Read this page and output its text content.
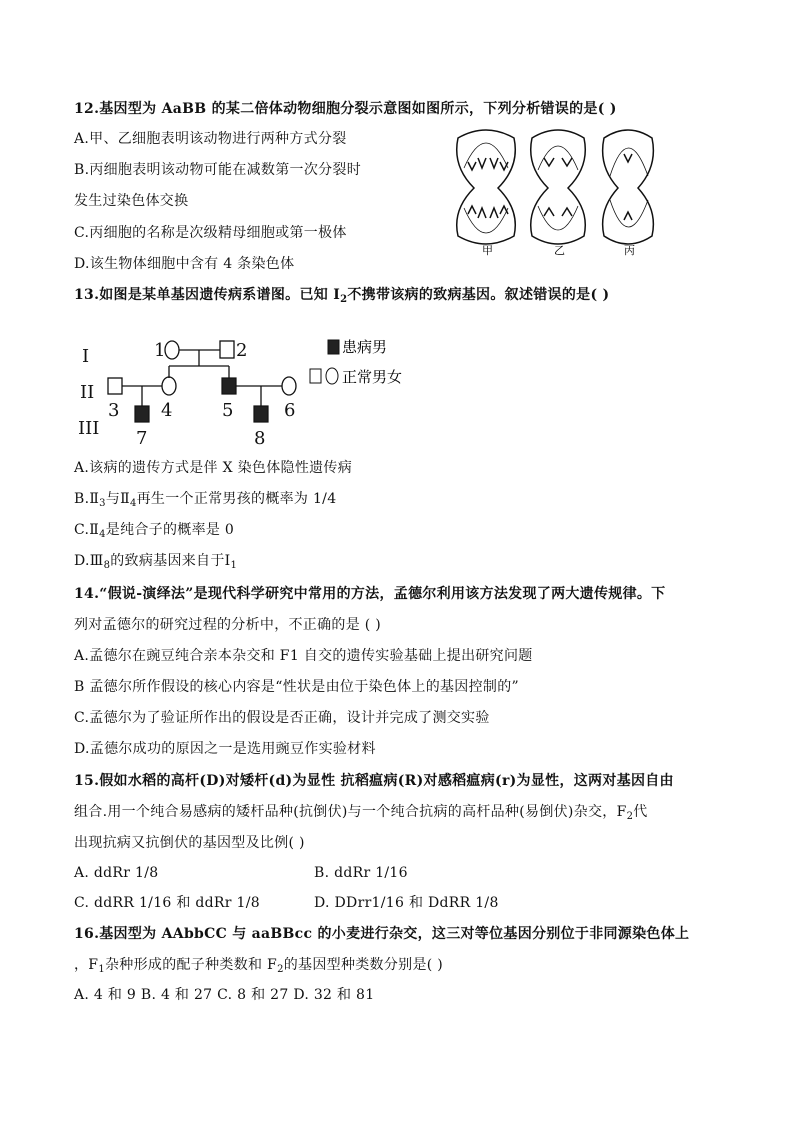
12.基因型为 AaBB 的某二倍体动物细胞分裂示意图如图所示，下列分析错误的是( )
A.甲、乙细胞表明该动物进行两种方式分裂
B.丙细胞表明该动物可能在减数第一次分裂时
发生过染色体交换
C.丙细胞的名称是次级精母细胞或第一极体
D.该生物体细胞中含有 4 条染色体
甲	乙	丙
13.如图是某单基因遗传病系谱图。已知 $I_2$不携带该病的致病基因。叙述错误的是( )
I
II
III
1	2
3 4	5	6
7	8
患病男
正常男女
A.该病的遗传方式是伴 X 染色体隐性遗传病
$B.Ⅱ_3$与$Ⅱ_4$再生一个正常男孩的概率为 1/4
$C.Ⅱ_4$是纯合子的概率是 0
$D.Ⅲ_8$的致病基因来自于$I_1$
14.“假说-演绎法”是现代科学研究中常用的方法，孟德尔利用该方法发现了两大遗传规律。下
列对孟德尔的研究过程的分析中，不正确的是 ( )
A.孟德尔在豌豆纯合亲本杂交和 F1 自交的遗传实验基础上提出研究问题
B 孟德尔所作假设的核心内容是“性状是由位于染色体上的基因控制的”
C.孟德尔为了验证所作出的假设是否正确，设计并完成了测交实验
D.孟德尔成功的原因之一是选用豌豆作实验材料
15.假如水稻的高杆(D)对矮杆(d)为显性 抗稻瘟病(R)对感稻瘟病(r)为显性，这两对基因自由
组合.用一个纯合易感病的矮杆品种(抗倒伏)与一个纯合抗病的高杆品种(易倒伏)杂交，$F_2$代
出现抗病又抗倒伏的基因型及比例( )
A. ddRr 1/8	B. ddRr 1/16
C. ddRR 1/16 和 ddRr 1/8	D. DDrr1/16 和 DdRR 1/8
16.基因型为 AAbbCC 与 aaBBcc 的小麦进行杂交，这三对等位基因分别位于非同源染色体上
，$F_1$杂种形成的配子种类数和 $F_2$的基因型种类数分别是( )
A. 4 和 9 B. 4 和 27 C. 8 和 27 D. 32 和 81
